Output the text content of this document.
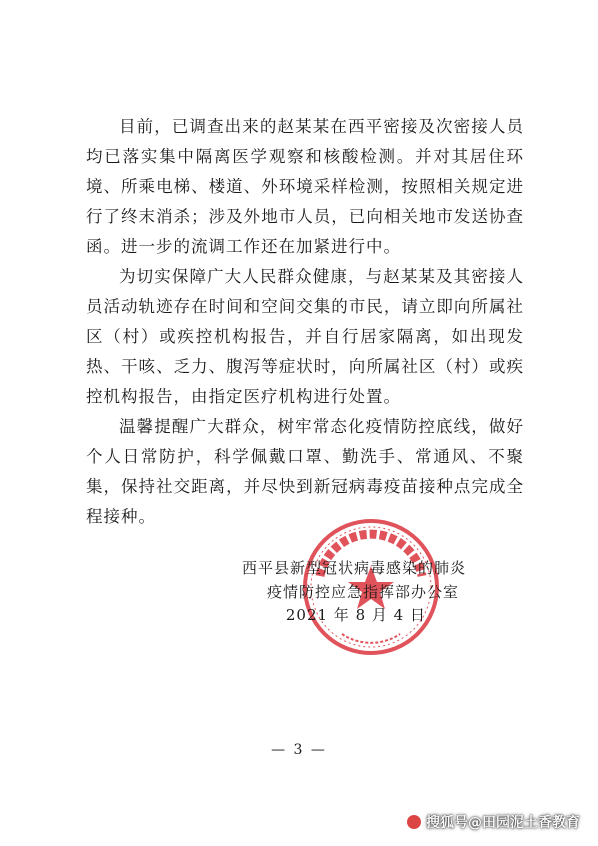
目前，已调查出来的赵某某在西平密接及次密接人员均已落实集中隔离医学观察和核酸检测。并对其居住环境、所乘电梯、楼道、外环境采样检测，按照相关规定进行了终末消杀；涉及外地市人员，已向相关地市发送协查函。进一步的流调工作还在加紧进行中。

为切实保障广大人民群众健康，与赵某某及其密接人员活动轨迹存在时间和空间交集的市民，请立即向所属社区（村）或疾控机构报告，并自行居家隔离，如出现发热、干咳、乏力、腹泻等症状时，向所属社区（村）或疾控机构报告，由指定医疗机构进行处置。

温馨提醒广大群众，树牢常态化疫情防控底线，做好个人日常防护，科学佩戴口罩、勤洗手、常通风、不聚集，保持社交距离，并尽快到新冠病毒疫苗接种点完成全程接种。

西平县新型冠状病毒感染的肺炎
疫情防控应急指挥部办公室
2021 年 8 月 4 日
— 3 —
搜狐号@田园泥土香教育
